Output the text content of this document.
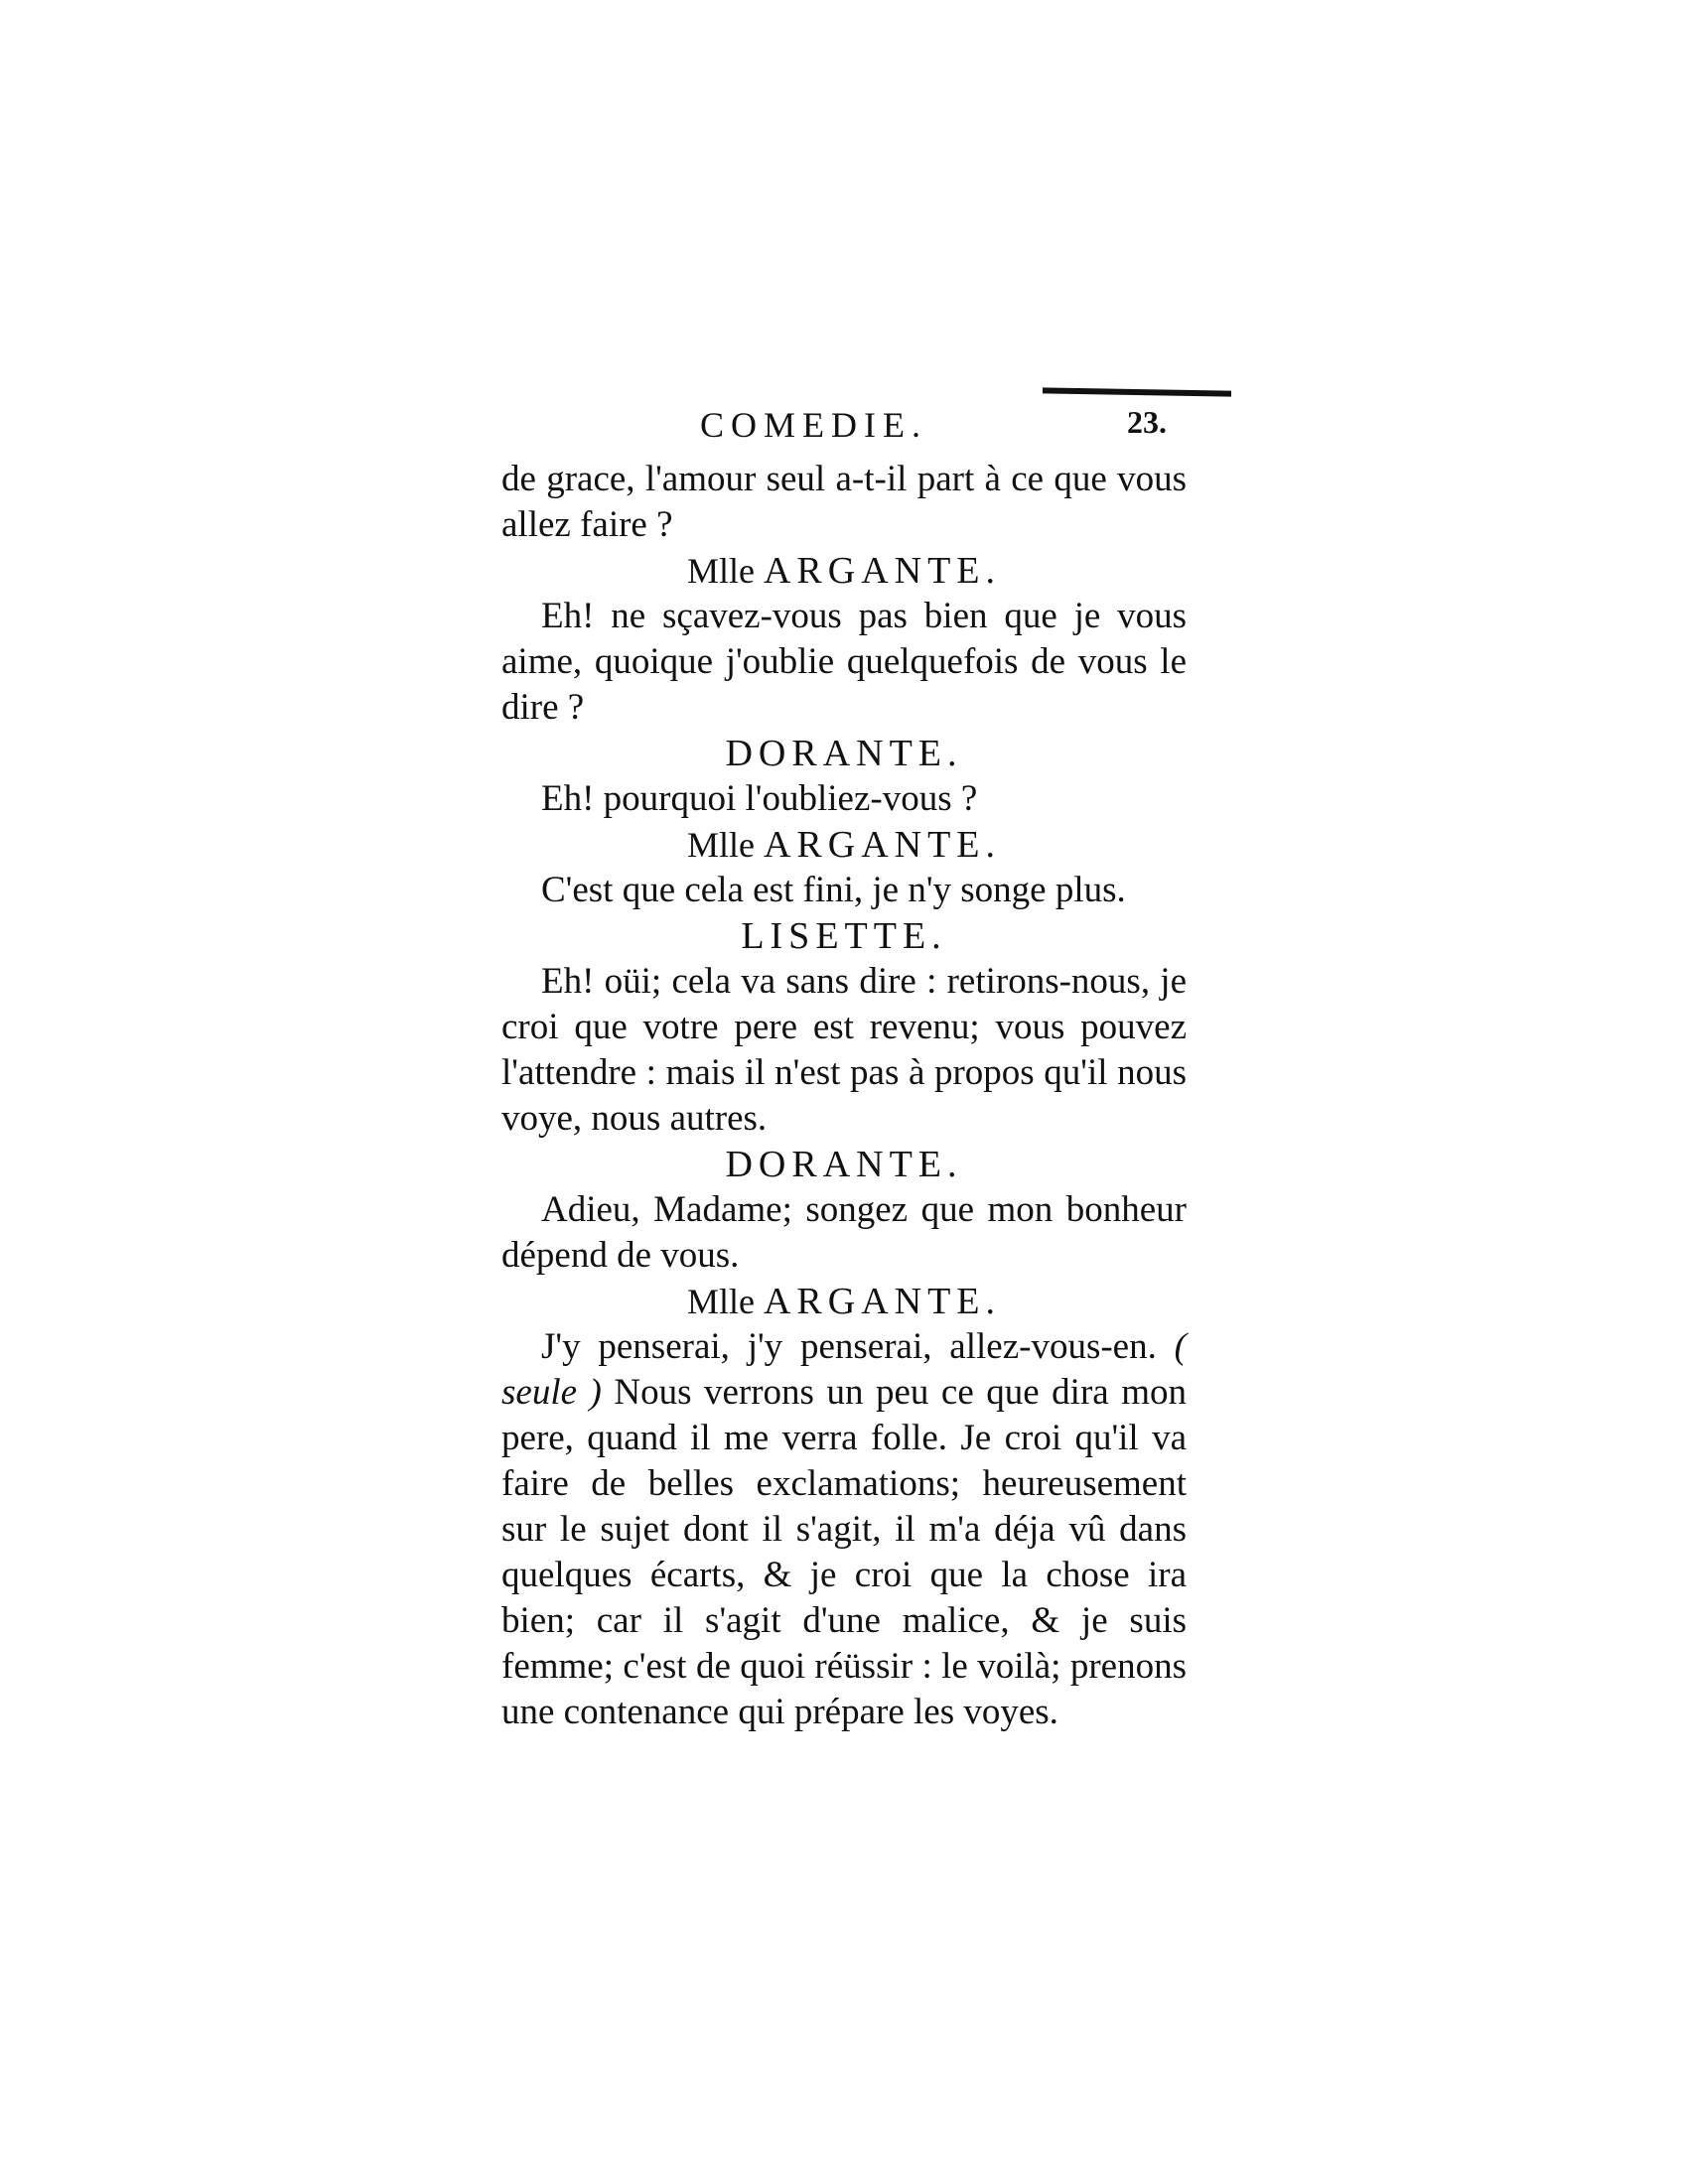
COMEDIE.	23.

de grace, l'amour seul a-t-il part à ce que vous allez faire ?

Mlle ARGANTE.

Eh! ne sçavez-vous pas bien que je vous aime, quoique j'oublie quelquefois de vous le dire ?

DORANTE.

Eh! pourquoi l'oubliez-vous ?

Mlle ARGANTE.

C'est que cela est fini, je n'y songe plus.

LISETTE.

Eh! oüi; cela va sans dire : retirons-nous, je croi que votre pere est revenu; vous pouvez l'attendre : mais il n'est pas à propos qu'il nous voye, nous autres.

DORANTE.

Adieu, Madame; songez que mon bonheur dépend de vous.

Mlle ARGANTE.

J'y penserai, j'y penserai, allez-vous-en. ( seule ) Nous verrons un peu ce que dira mon pere, quand il me verra folle. Je croi qu'il va faire de belles exclamations; heureusement sur le sujet dont il s'agit, il m'a déja vû dans quelques écarts, & je croi que la chose ira bien; car il s'agit d'une malice, & je suis femme; c'est de quoi réüssir : le voilà; prenons une contenance qui prépare les voyes.
